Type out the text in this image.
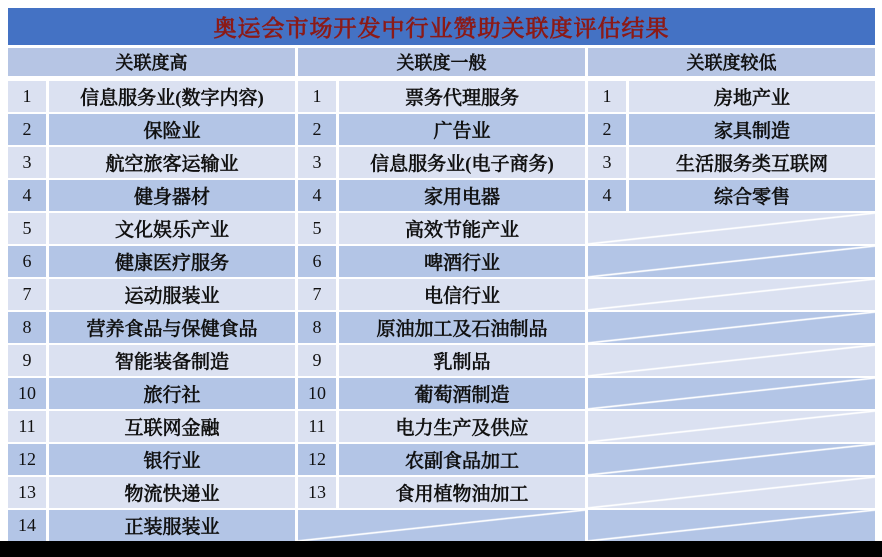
奥运会市场开发中行业赞助关联度评估结果
关联度高	关联度一般	关联度较低
1	信息服务业(数字内容)	1	票务代理服务	1	房地产业
2	保险业	2	广告业	2	家具制造
3	航空旅客运输业	3	信息服务业(电子商务)	3	生活服务类互联网
4	健身器材	4	家用电器	4	综合零售
5	文化娱乐产业	5	高效节能产业
6	健康医疗服务	6	啤酒行业
7	运动服装业	7	电信行业
8	营养食品与保健食品	8	原油加工及石油制品
9	智能装备制造	9	乳制品
10	旅行社	10	葡萄酒制造
11	互联网金融	11	电力生产及供应
12	银行业	12	农副食品加工
13	物流快递业	13	食用植物油加工
14	正装服装业
